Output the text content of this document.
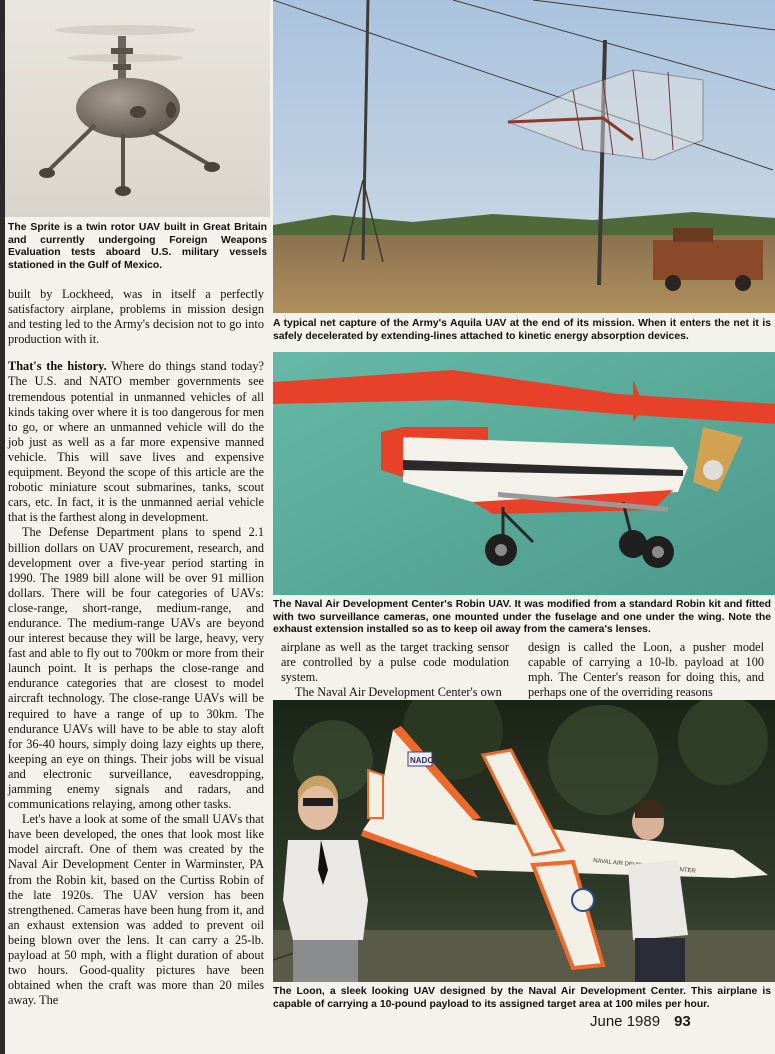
The Sprite is a twin rotor UAV built in Great Britain and currently undergoing Foreign Weapons Evaluation tests aboard U.S. military vessels stationed in the Gulf of Mexico.
A typical net capture of the Army's Aquila UAV at the end of its mission. When it enters the net it is safely decelerated by extending-lines attached to kinetic energy absorption devices.

built by Lockheed, was in itself a perfectly satisfactory airplane, problems in mission design and testing led to the Army's decision not to go into production with it.

That's the history. Where do things stand today? The U.S. and NATO member governments see tremendous potential in unmanned vehicles of all kinds taking over where it is too dangerous for men to go, or where an unmanned vehicle will do the job just as well as a far more expensive manned vehicle. This will save lives and expensive equipment. Beyond the scope of this article are the robotic miniature scout submarines, tanks, scout cars, etc. In fact, it is the unmanned aerial vehicle that is the farthest along in development.

The Defense Department plans to spend 2.1 billion dollars on UAV procurement, research, and development over a five-year period starting in 1990. The 1989 bill alone will be over 91 million dollars. There will be four categories of UAVs: close-range, short-range, medium-range, and endurance. The medium-range UAVs are beyond our interest because they will be large, heavy, very fast and able to fly out to 700km or more from their launch point. It is perhaps the close-range and endurance categories that are closest to model aircraft technology. The close-range UAVs will be required to have a range of up to 30km. The endurance UAVs will have to be able to stay aloft for 36-40 hours, simply doing lazy eights up there, keeping an eye on things. Their jobs will be visual and electronic surveillance, eavesdropping, jamming enemy signals and radars, and communications relaying, among other tasks.

Let's have a look at some of the small UAVs that have been developed, the ones that look most like model aircraft. One of them was created by the Naval Air Development Center in Warminster, PA from the Robin kit, based on the Curtiss Robin of the late 1920s. The UAV version has been strengthened. Cameras have been hung from it, and an exhaust extension was added to prevent oil being blown over the lens. It can carry a 25-lb. payload at 50 mph, with a flight duration of about two hours. Good-quality pictures have been obtained when the craft was more than 20 miles away. The

The Naval Air Development Center's Robin UAV. It was modified from a standard Robin kit and fitted with two surveillance cameras, one mounted under the fuselage and one under the wing. Note the exhaust extension installed so as to keep oil away from the camera's lenses.

airplane as well as the target tracking sensor are controlled by a pulse code modulation system.

The Naval Air Development Center's own

design is called the Loon, a pusher model capable of carrying a 10-lb. payload at 100 mph. The Center's reason for doing this, and perhaps one of the overriding reasons

NADC
NAVAL AIR CENTER
The Loon, a sleek looking UAV designed by the Naval Air Development Center. This airplane is capable of carrying a 10-pound payload to its assigned target area at 100 miles per hour.
June 1989 93
